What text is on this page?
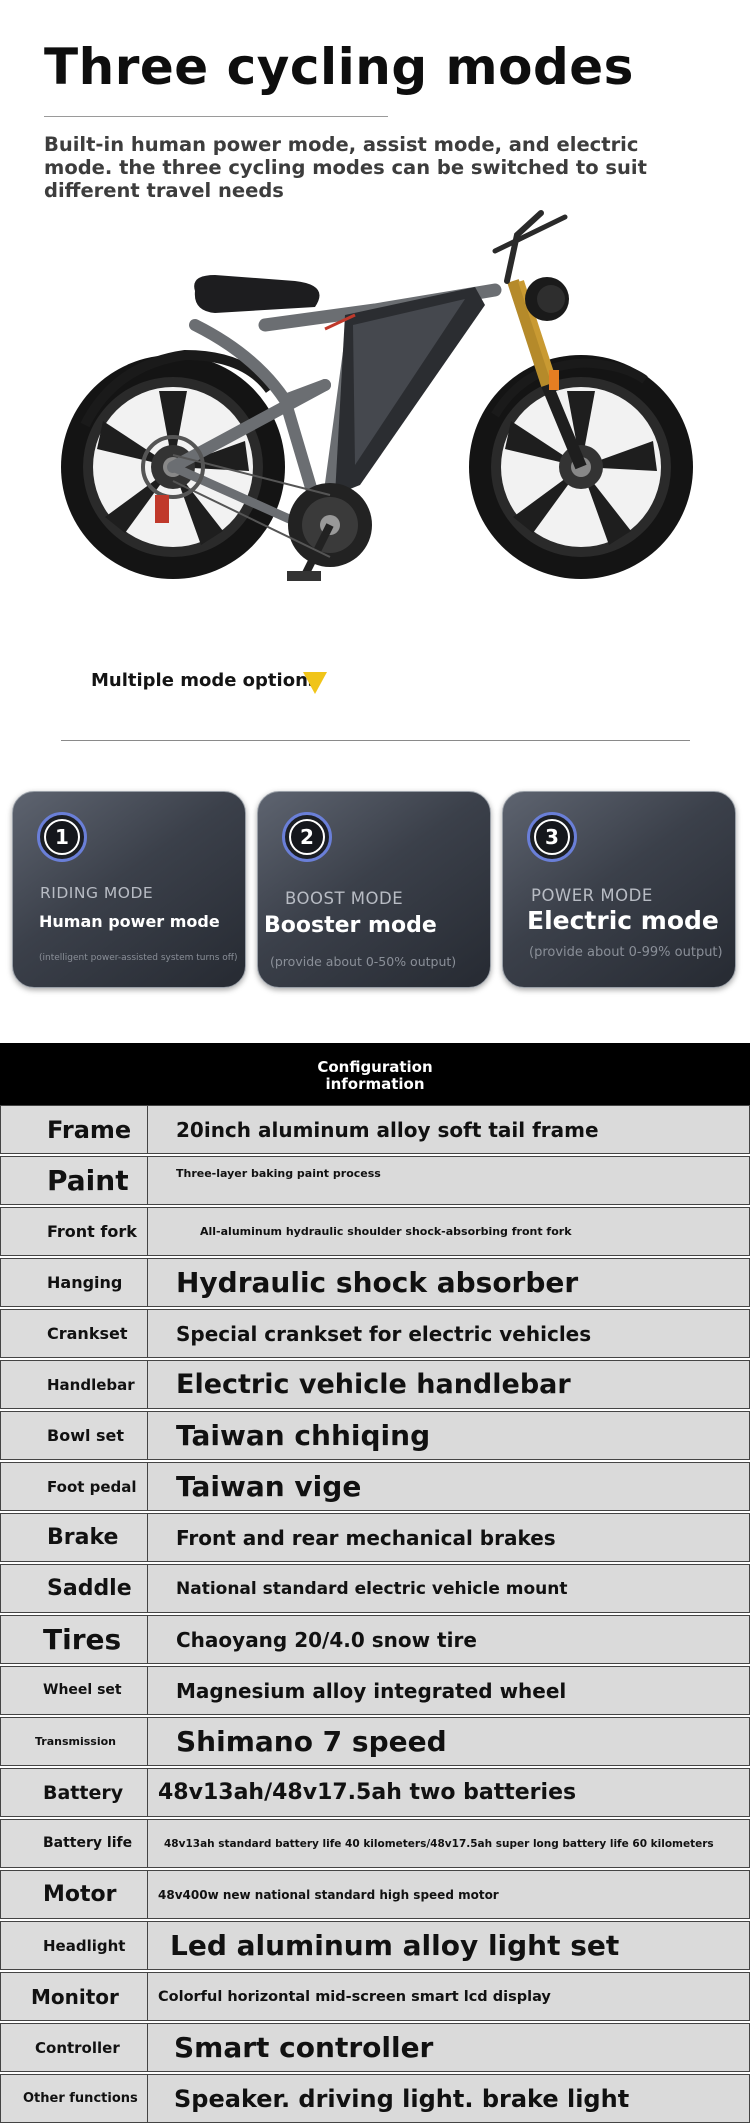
Three cycling modes
Built-in human power mode, assist mode, and electric mode. the three cycling modes can be switched to suit different travel needs
Multiple mode options
1
RIDING MODE
Human power mode
(intelligent power-assisted system turns off)
2
BOOST MODE
Booster mode
(provide about 0-50% output)
3
POWER MODE
Electric mode
(provide about 0-99% output)
Configuration
information
Frame	20inch aluminum alloy soft tail frame
Paint	Three-layer baking paint process
Front fork	All-aluminum hydraulic shoulder shock-absorbing front fork
Hanging	Hydraulic shock absorber
Crankset	Special crankset for electric vehicles
Handlebar	Electric vehicle handlebar
Bowl set	Taiwan chhiqing
Foot pedal	Taiwan vige
Brake	Front and rear mechanical brakes
Saddle	National standard electric vehicle mount
Tires	Chaoyang 20/4.0 snow tire
Wheel set	Magnesium alloy integrated wheel
Transmission	Shimano 7 speed
Battery	48v13ah/48v17.5ah two batteries
Battery life	48v13ah standard battery life 40 kilometers/48v17.5ah super long battery life 60 kilometers
Motor	48v400w new national standard high speed motor
Headlight	Led aluminum alloy light set
Monitor	Colorful horizontal mid-screen smart lcd display
Controller	Smart controller
Other functions	Speaker. driving light. brake light
